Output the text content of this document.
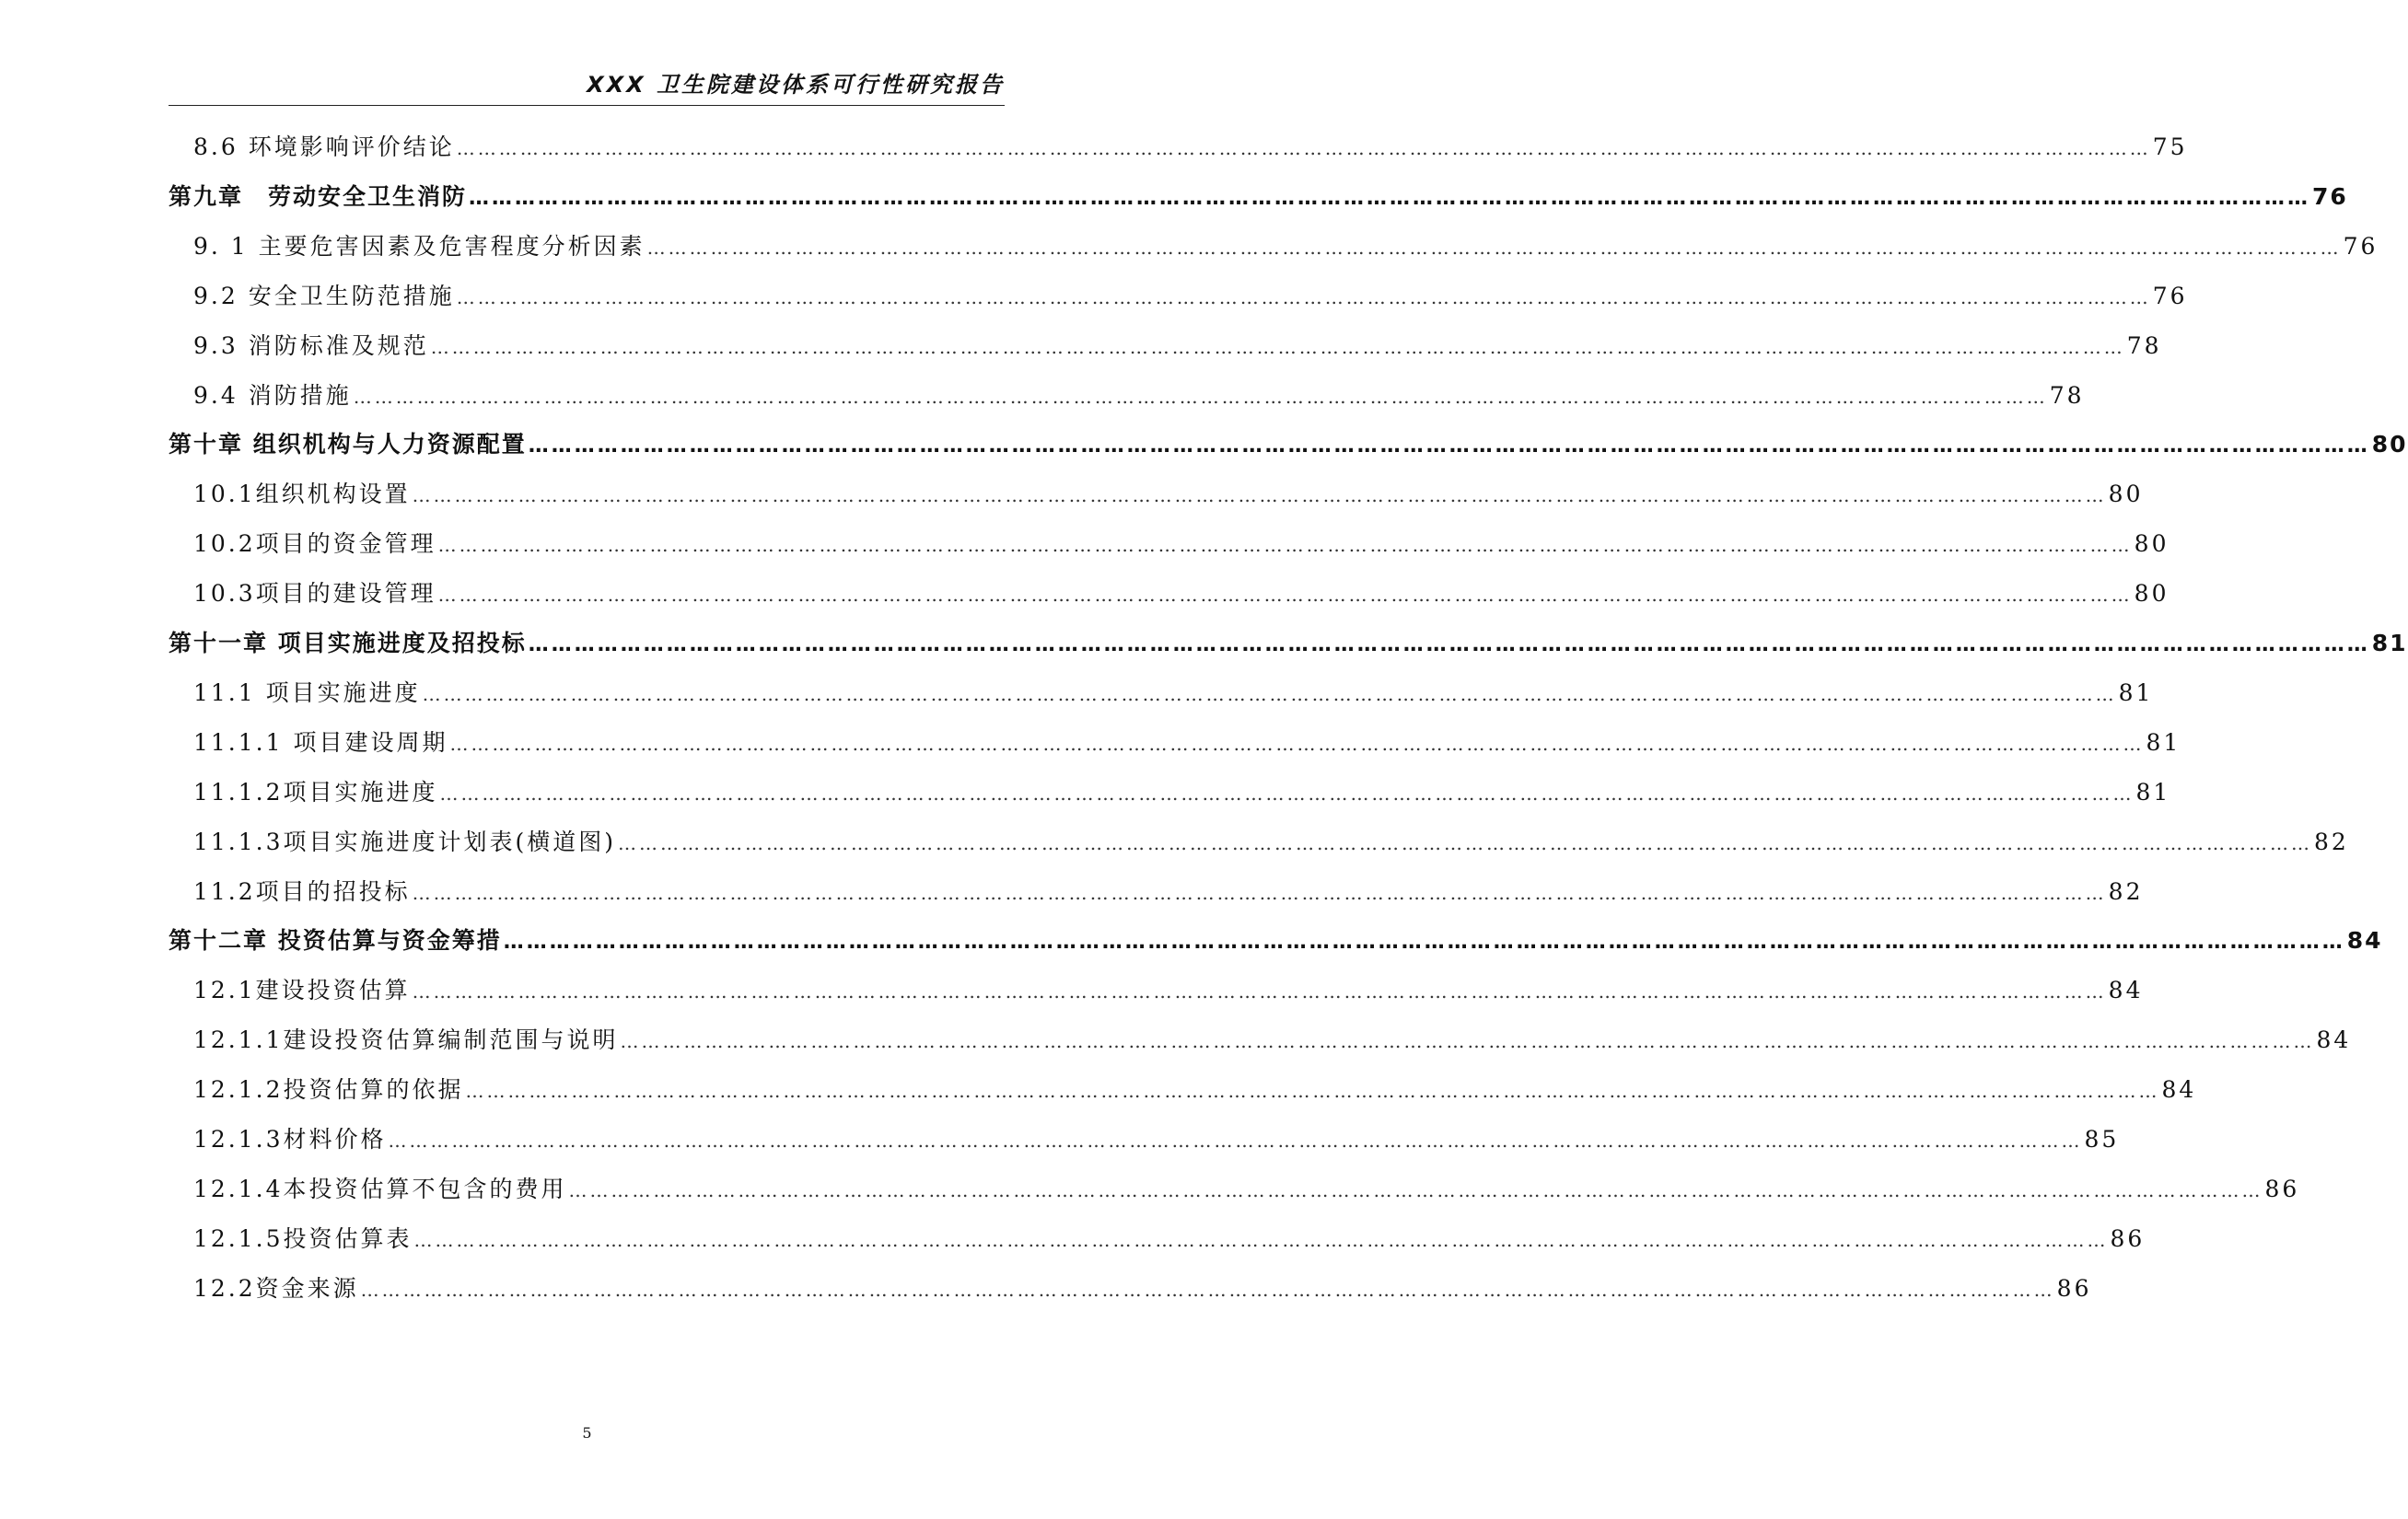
XXX 卫生院建设体系可行性研究报告
8.6 环境影响评价结论 …………………………………………………………………………………………………………………………………………………………………………………………………………………… 75
第九章　劳动安全卫生消防 …………………………………………………………………………………………………………………………………………………………………………………………………………………… 76
9. 1 主要危害因素及危害程度分析因素 …………………………………………………………………………………………………………………………………………………………………………………………………………………… 76
9.2 安全卫生防范措施 …………………………………………………………………………………………………………………………………………………………………………………………………………………… 76
9.3 消防标准及规范 …………………………………………………………………………………………………………………………………………………………………………………………………………………… 78
9.4 消防措施 …………………………………………………………………………………………………………………………………………………………………………………………………………………… 78
第十章 组织机构与人力资源配置 …………………………………………………………………………………………………………………………………………………………………………………………………………………… 80
10.1组织机构设置 …………………………………………………………………………………………………………………………………………………………………………………………………………………… 80
10.2项目的资金管理 …………………………………………………………………………………………………………………………………………………………………………………………………………………… 80
10.3项目的建设管理 …………………………………………………………………………………………………………………………………………………………………………………………………………………… 80
第十一章 项目实施进度及招投标 …………………………………………………………………………………………………………………………………………………………………………………………………………………… 81
11.1 项目实施进度 …………………………………………………………………………………………………………………………………………………………………………………………………………………… 81
11.1.1 项目建设周期 …………………………………………………………………………………………………………………………………………………………………………………………………………………… 81
11.1.2项目实施进度 …………………………………………………………………………………………………………………………………………………………………………………………………………………… 81
11.1.3项目实施进度计划表(横道图) …………………………………………………………………………………………………………………………………………………………………………………………………………………… 82
11.2项目的招投标 …………………………………………………………………………………………………………………………………………………………………………………………………………………… 82
第十二章 投资估算与资金筹措 …………………………………………………………………………………………………………………………………………………………………………………………………………………… 84
12.1建设投资估算 …………………………………………………………………………………………………………………………………………………………………………………………………………………… 84
12.1.1建设投资估算编制范围与说明 …………………………………………………………………………………………………………………………………………………………………………………………………………………… 84
12.1.2投资估算的依据 …………………………………………………………………………………………………………………………………………………………………………………………………………………… 84
12.1.3材料价格 …………………………………………………………………………………………………………………………………………………………………………………………………………………… 85
12.1.4本投资估算不包含的费用 …………………………………………………………………………………………………………………………………………………………………………………………………………………… 86
12.1.5投资估算表 …………………………………………………………………………………………………………………………………………………………………………………………………………………… 86
12.2资金来源 …………………………………………………………………………………………………………………………………………………………………………………………………………………… 86
5
